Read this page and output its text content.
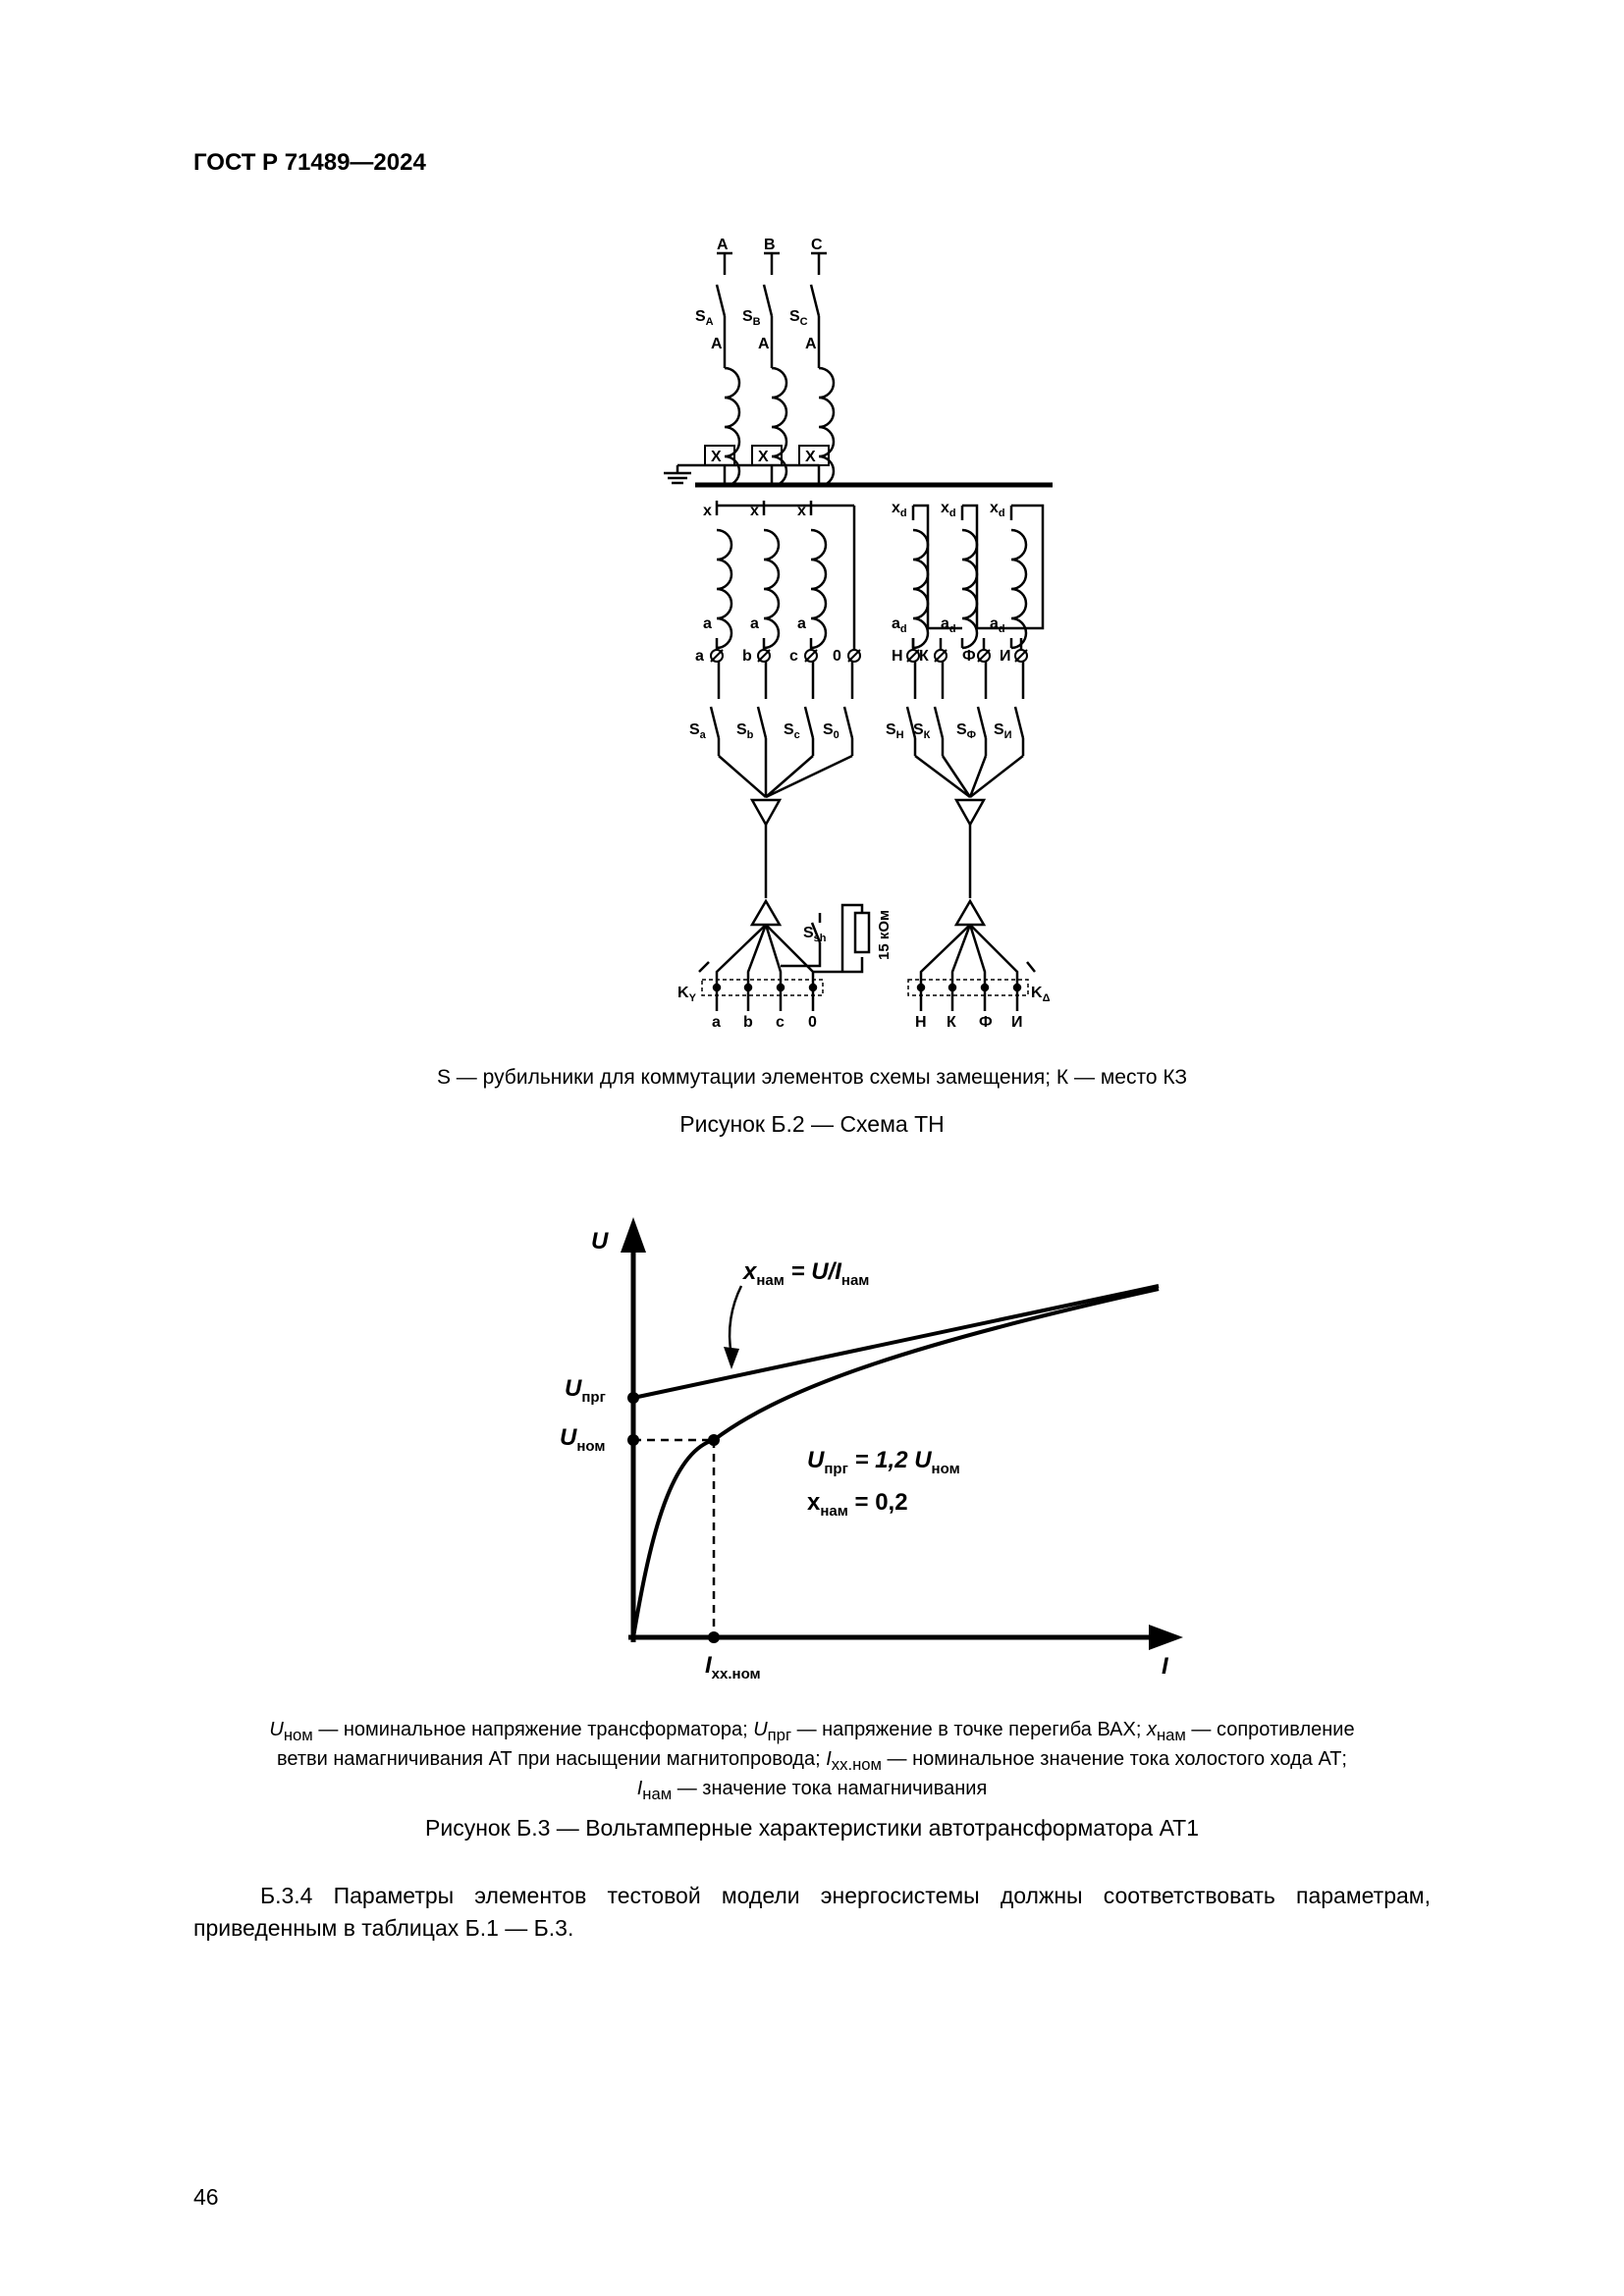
ГОСТ Р 71489—2024
A
$S_A$
A
X
B
$S_B$
A
X
C
$S_C$
A
X
x
a
a
x
a
b
x
a
c 0
$x_d$
$a_d$
$x_d$
$a_d$
$x_d$
$a_d$
Н К Ф И
$S_a$ $S_b$ $S_c$ $S_0$	$S_Н$ $S_К$ $S_Ф$ $S_И$
$K_Y$	$K_\Delta$
$S_{sh}$	15 кОм
a	Н
b	К
c	Ф
0	И
S — рубильники для коммутации элементов схемы замещения; К — место КЗ
Рисунок Б.2 — Схема ТН
U
I
$U_{прг}$
$U_{ном}$
$I_{хх.ном}$
$x_{нам} = U/I_{нам}$
$U_{прг} = 1,2$ $U_{ном}$
$x_{нам} = 0,2$
$U_{ном}$ — номинальное напряжение трансформатора; $U_{прг}$ — напряжение в точке перегиба ВАХ; $x_{нам}$ — сопротивление
ветви намагничивания АТ при насыщении магнитопровода; $I_{хх.ном}$ — номинальное значение тока холостого хода АТ;
$I_{нам}$ — значение тока намагничивания
Рисунок Б.3 — Вольтамперные характеристики автотрансформатора АТ1
Б.3.4 Параметры элементов тестовой модели энергосистемы должны соответствовать параметрам, приведенным в таблицах Б.1 — Б.3.
46
